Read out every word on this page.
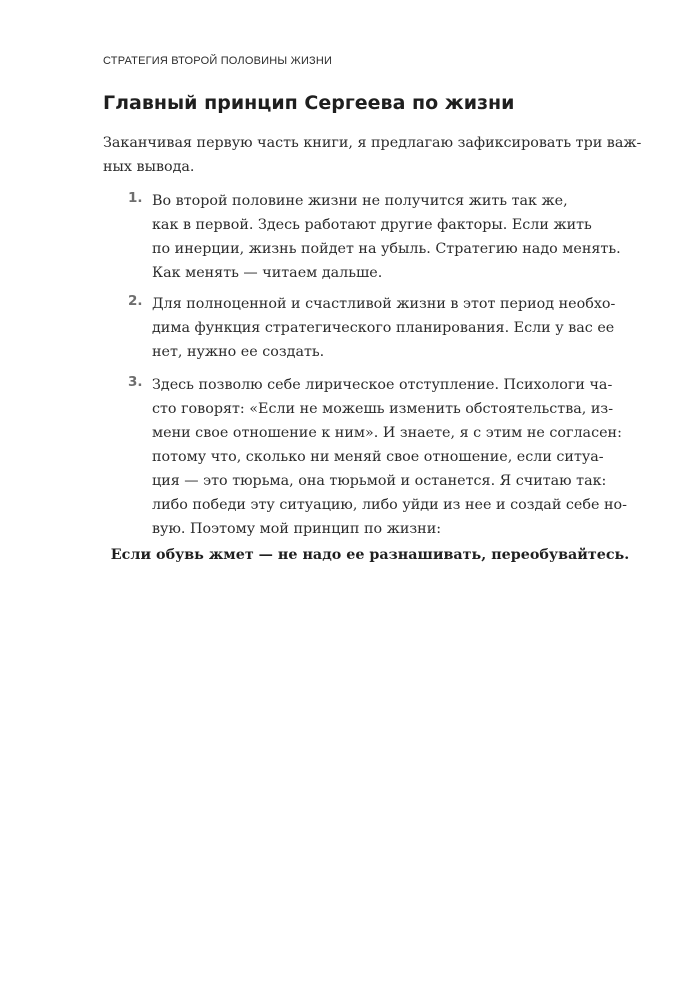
СТРАТЕГИЯ ВТОРОЙ ПОЛОВИНЫ ЖИЗНИ
Главный принцип Сергеева по жизни

Заканчивая первую часть книги, я предлагаю зафиксировать три важ-
ных вывода.

1. Во второй половине жизни не получится жить так же,
как в первой. Здесь работают другие факторы. Если жить
по инерции, жизнь пойдет на убыль. Стратегию надо менять.
Как менять — читаем дальше.
2. Для полноценной и счастливой жизни в этот период необхо-
дима функция стратегического планирования. Если у вас ее
нет, нужно ее создать.
3. Здесь позволю себе лирическое отступление. Психологи ча-
сто говорят: «Если не можешь изменить обстоятельства, из-
мени свое отношение к ним». И знаете, я с этим не согласен:
потому что, сколько ни меняй свое отношение, если ситуа-
ция — это тюрьма, она тюрьмой и останется. Я считаю так:
либо победи эту ситуацию, либо уйди из нее и создай себе но-
вую. Поэтому мой принцип по жизни:

Если обувь жмет — не надо ее разнашивать, переобувайтесь.
